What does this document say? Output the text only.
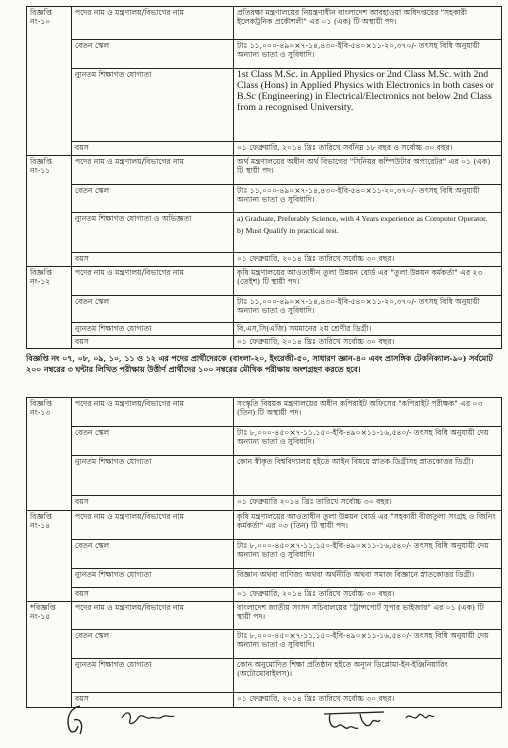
বিজ্ঞপ্তি নং-১০	পদের নাম ও মন্ত্রণালয়/বিভাগের নাম	প্রতিরক্ষা মন্ত্রণালয়ের নিয়ন্ত্রণাধীন বাংলাদেশ আবহাওয়া অধিদপ্তরের "সহকারী ইলেকট্রনিক প্রকৌশলী" এর ০১ (এক) টি অস্থায়ী পদ।
	বেতন স্কেল	টাঃ ১১,০০০-৪৯০×৭-১৪,৪৩০-ইবি-৫৪০×১১-২০,৩৭০/- তৎসহ বিধি অনুযায়ী অন্যান্য ভাতা ও সুবিধাদি।
	ন্যুনতম শিক্ষাগত যোগ্যতা	1st Class M.Sc. in Applied Physics or 2nd Class M.Sc. with 2nd Class (Hons) in Applied Physics with Electronics in both cases or B.Sc (Engineering) in Electrical/Electronics not below 2nd Class from a recognised University.
	বয়স	০১ ফেব্রুয়ারি, ২০১৪ খ্রিঃ তারিখে সর্বনিম্ন ১৮ বছর ও সর্বোচ্চ ৩০ বছর।
বিজ্ঞপ্তি নং-১১	পদের নাম ও মন্ত্রণালয়/বিভাগের নাম	অর্থ মন্ত্রণালয়ের অধীন অর্থ বিভাগের "সিনিয়র কম্পিউটার অপারেটর" এর ০১ (এক) টি স্থায়ী পদ।
	বেতন স্কেল	টাঃ ১১,০০০-৪৯০×৭-১৪,৪৩০-ইবি-৫৪০×১১-২০,৩৭০/- তৎসহ বিধি অনুযায়ী অন্যান্য ভাতা ও সুবিধাদি।
	ন্যুনতম শিক্ষাগত যোগ্যতা ও অভিজ্ঞতা	a) Graduate, Preferably Science, with 4 Years experience as Computer Operator.
b) Must Qualify in practical test.

	বয়স	০১ ফেব্রুয়ারি, ২০১৪ খ্রিঃ তারিখে সর্বোচ্চ ৩০ বছর।
বিজ্ঞপ্তি নং-১২	পদের নাম ও মন্ত্রণালয়/বিভাগের নাম	কৃষি মন্ত্রণালয়ের আওতাধীন তুলা উন্নয়ন বোর্ড এর "তুলা উন্নয়ন কর্মকর্তা" এর ২৩ (তেইশ) টি স্থায়ী পদ।
	বেতন স্কেল	টাঃ ১১,০০০-৪৯০×৭-১৪,৪৩০-ইবি-৫৪০×১১-২০,৩৭০/- তৎসহ বিধি অনুযায়ী অন্যান্য ভাতা ও সুবিধাদি।
	ন্যুনতম শিক্ষাগত যোগ্যতা	বি,এস,সি(এজি) সমমানের ২য় শ্রেণীর ডিগ্রী।
	বয়স	০১ ফেব্রুয়ারি, ২০১৪ খ্রিঃ তারিখে সর্বোচ্চ ৩০ বছর।
বিজ্ঞপ্তি নং ০৭, ০৮, ০৯, ১০, ১১ ও ১২ এর পদের প্রার্থীদেরকে (বাংলা-২০, ইংরেজী-৫০, সাধারণ জ্ঞান-৪০ এবং প্রাসঙ্গিক টেকনিক্যাল-৯০) সর্বমোট ২০০ নম্বরের ৩ ঘন্টার লিখিত পরীক্ষায় উত্তীর্ণ প্রার্থীদের ১০০ নম্বরের মৌখিক পরীক্ষায় অংশগ্রহণ করতে হবে।
বিজ্ঞপ্তি নং-১৩	পদের নাম ও মন্ত্রণালয়/বিভাগের নাম	সংস্কৃতি বিষয়ক মন্ত্রণালয়ের অধীন কপিরাইট অফিসের "কপিরাইট পরীক্ষক" এর ০৩ (তিন) টি অস্থায়ী পদ।
	বেতন স্কেল	টাঃ ৮,০০০-৪৫০×৭-১১,১৫০-ইবি-৪৯০×১১-১৬,৫৪০/- তৎসহ বিধি অনুযায়ী দেয় অন্যান্য ভাতা ও সুবিধাদি।
	ন্যুনতম শিক্ষাগত যোগ্যতা	কোন স্বীকৃত বিশ্ববিদ্যালয় হইতে আইন বিষয়ে স্নাতক ডিগ্রীসহ স্নাতকোত্তর ডিগ্রী।
	বয়স	০১ ফেব্রুয়ারি ২০১৪ খ্রিঃ তারিখে সর্বোচ্চ ৩০ বছর।
বিজ্ঞপ্তি নং-১৪	পদের নাম ও মন্ত্রণালয়/বিভাগের নাম	কৃষি মন্ত্রণালয়ের আওতাধীন তুলা উন্নয়ন বোর্ড এর "সহকারী বীজতুলা সংগ্রহ ও জিনিং কর্মকর্তা" এর ০৩ (তিন) টি স্থায়ী পদ।
	বেতন স্কেল	টাঃ ৮,০০০-৪৫০×৭-১১,১৫০-ইবি-৪৯০×১১-১৬,৫৪০/- তৎসহ বিধি অনুযায়ী দেয় অন্যান্য ভাতা ও সুবিধাদি।
	ন্যুনতম শিক্ষাগত যোগ্যতা	বিজ্ঞান অথবা বাণিজ্য অথবা অর্থনীতি অথবা সমাজ বিজ্ঞানে স্নাতকোত্তর ডিগ্রী।
	বয়স	০১ ফেব্রুয়ারি, ২০১৪ খ্রিঃ তারিখে সর্বোচ্চ ৩০ বছর।
*বিজ্ঞপ্তি নং-১৫	পদের নাম ও মন্ত্রণালয়/বিভাগের নাম	বাংলাদেশ জাতীয় সংসদ সচিবালয়ের "ট্রান্সপোর্ট সুপার ভাইজার" এর ০১ (এক) টি স্থায়ী পদ।
	বেতন স্কেল	টাঃ ৮,০০০-৪৫০×৭-১১,১৫০-ইবি-৪৯০×১১-১৬,৫৪০/- তৎসহ বিধি অনুযায়ী দেয় অন্যান্য ভাতা ও সুবিধাদি।
	ন্যুনতম শিক্ষাগত যোগ্যতা	কোন অনুমোদিত শিক্ষা প্রতিষ্ঠান হইতে অন্যূন ডিপ্লোমা-ইন-ইঞ্জিনিয়ারিং (অটোমোবাইলস)।
	বয়স	০১ ফেব্রুয়ারি, ২০১৪ খ্রিঃ তারিখে সর্বোচ্চ ৩০ বছর।
